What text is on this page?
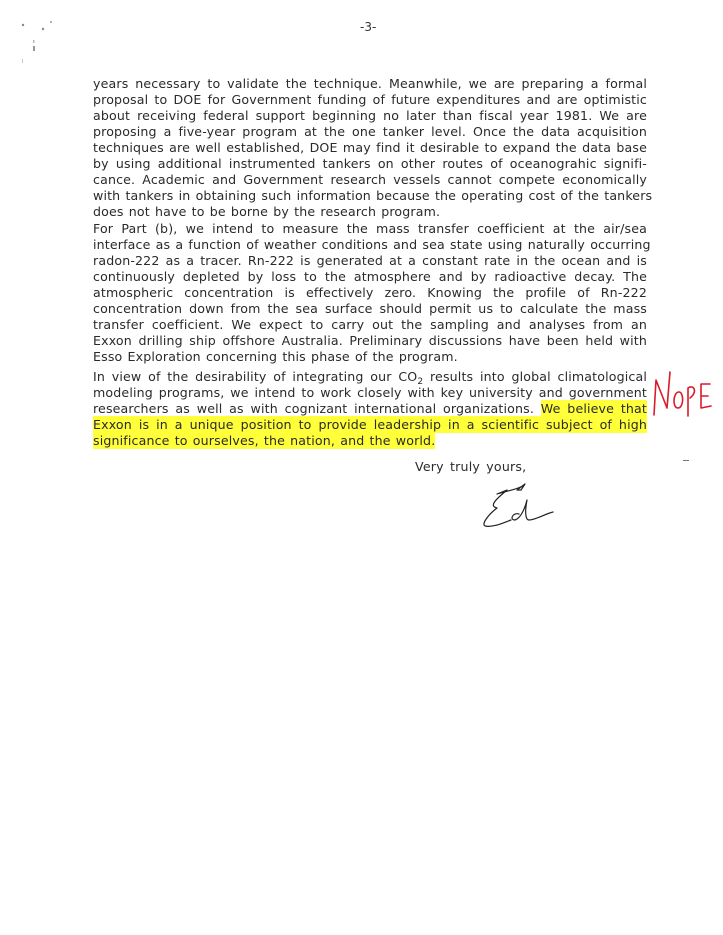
-3-
years necessary to validate the technique. Meanwhile, we are preparing a formal
proposal to DOE for Government funding of future expenditures and are optimistic
about receiving federal support beginning no later than fiscal year 1981. We are
proposing a five-year program at the one tanker level. Once the data acquisition
techniques are well established, DOE may find it desirable to expand the data base
by using additional instrumented tankers on other routes of oceanograhic signifi-
cance. Academic and Government research vessels cannot compete economically
with tankers in obtaining such information because the operating cost of the tankers
does not have to be borne by the research program.
For Part (b), we intend to measure the mass transfer coefficient at the air/sea
interface as a function of weather conditions and sea state using naturally occurring
radon-222 as a tracer. Rn-222 is generated at a constant rate in the ocean and is
continuously depleted by loss to the atmosphere and by radioactive decay. The
atmospheric concentration is effectively zero. Knowing the profile of Rn-222
concentration down from the sea surface should permit us to calculate the mass
transfer coefficient. We expect to carry out the sampling and analyses from an
Exxon drilling ship offshore Australia. Preliminary discussions have been held with
Esso Exploration concerning this phase of the program.
In view of the desirability of integrating our $CO_2$ results into global climatological
modeling programs, we intend to work closely with key university and government
researchers as well as with cognizant international organizations. We believe that
Exxon is in a unique position to provide leadership in a scientific subject of high
significance to ourselves, the nation, and the world.
Very truly yours,
